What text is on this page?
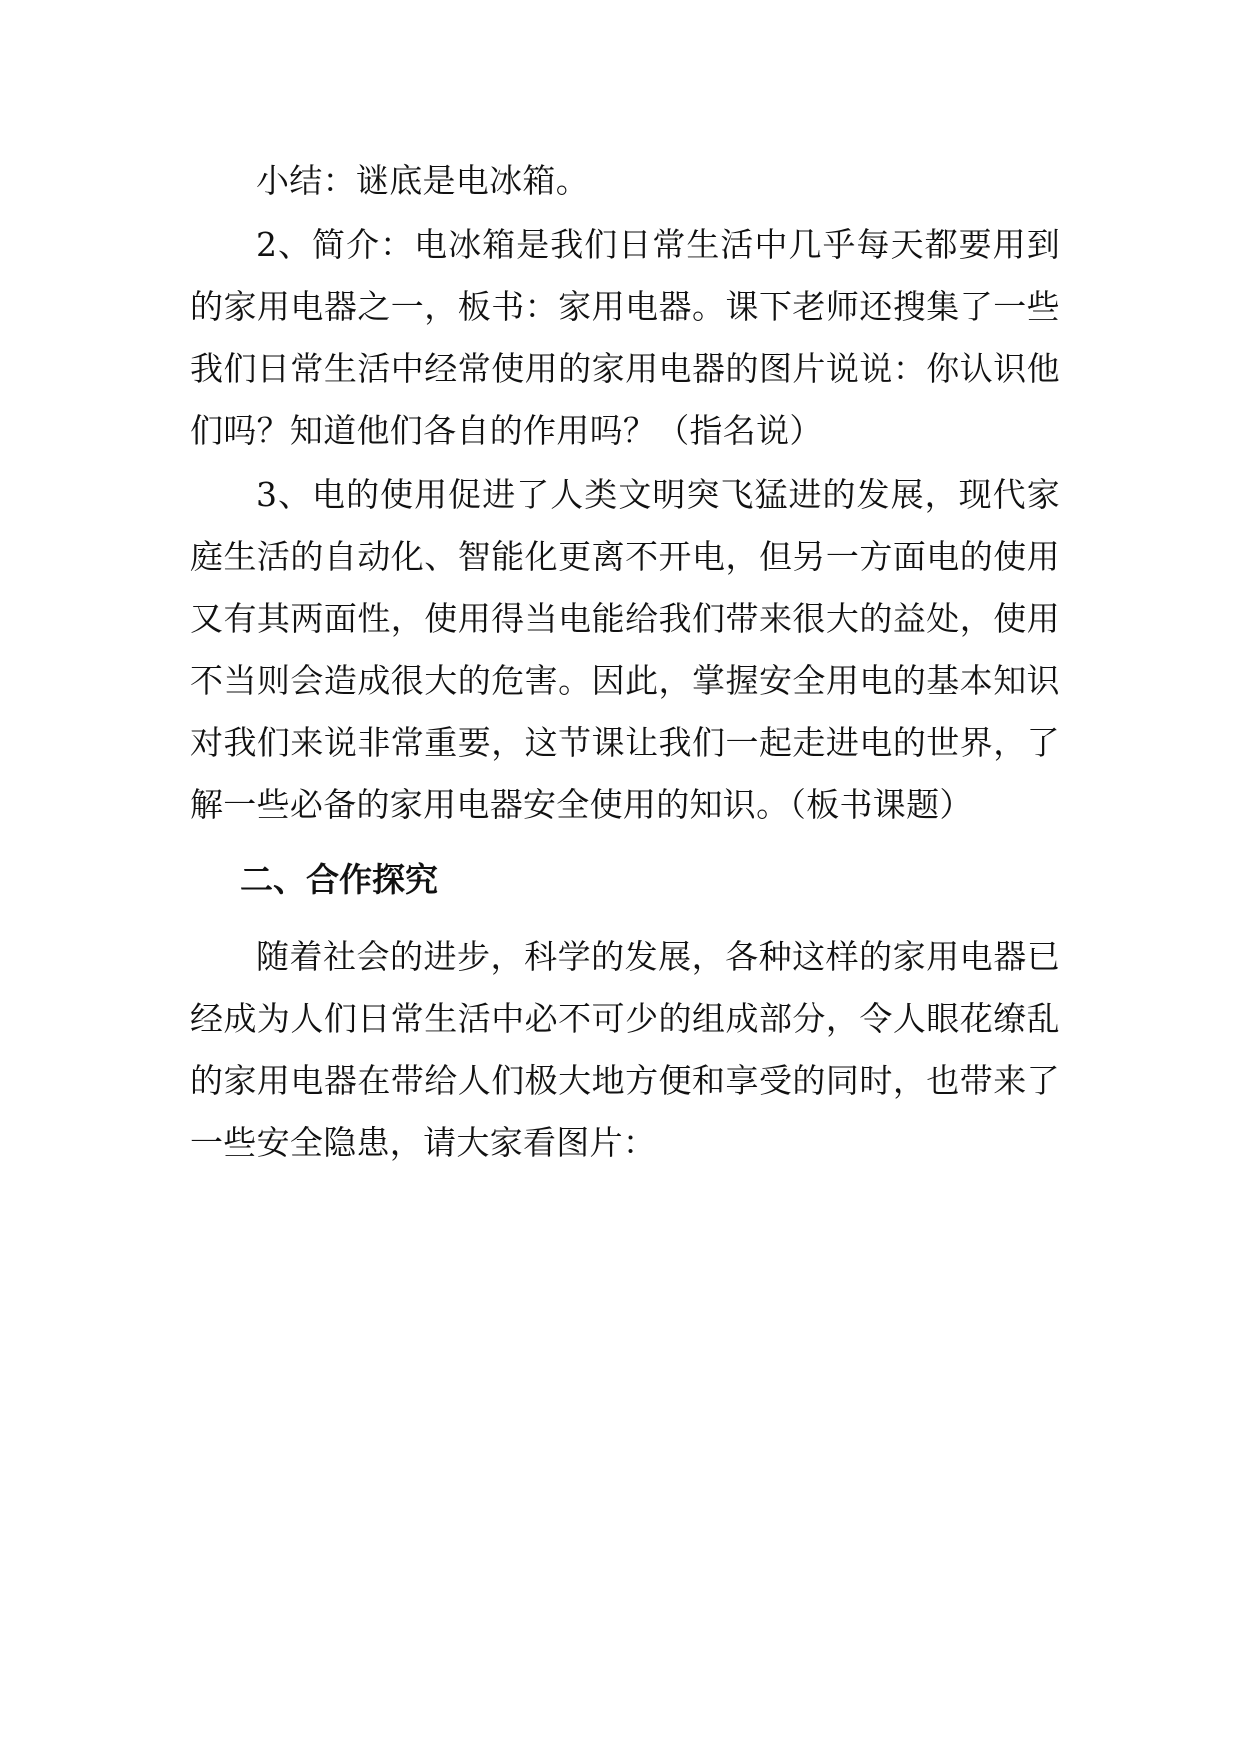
小结：谜底是电冰箱。

2、简介：电冰箱是我们日常生活中几乎每天都要用到的家用电器之一，板书：家用电器。课下老师还搜集了一些我们日常生活中经常使用的家用电器的图片说说：你认识他们吗？知道他们各自的作用吗？（指名说）

3、电的使用促进了人类文明突飞猛进的发展，现代家庭生活的自动化、智能化更离不开电，但另一方面电的使用又有其两面性，使用得当电能给我们带来很大的益处，使用不当则会造成很大的危害。因此，掌握安全用电的基本知识对我们来说非常重要，这节课让我们一起走进电的世界，了解一些必备的家用电器安全使用的知识。（板书课题）

二、合作探究

随着社会的进步，科学的发展，各种这样的家用电器已经成为人们日常生活中必不可少的组成部分，令人眼花缭乱的家用电器在带给人们极大地方便和享受的同时，也带来了一些安全隐患，请大家看图片：
